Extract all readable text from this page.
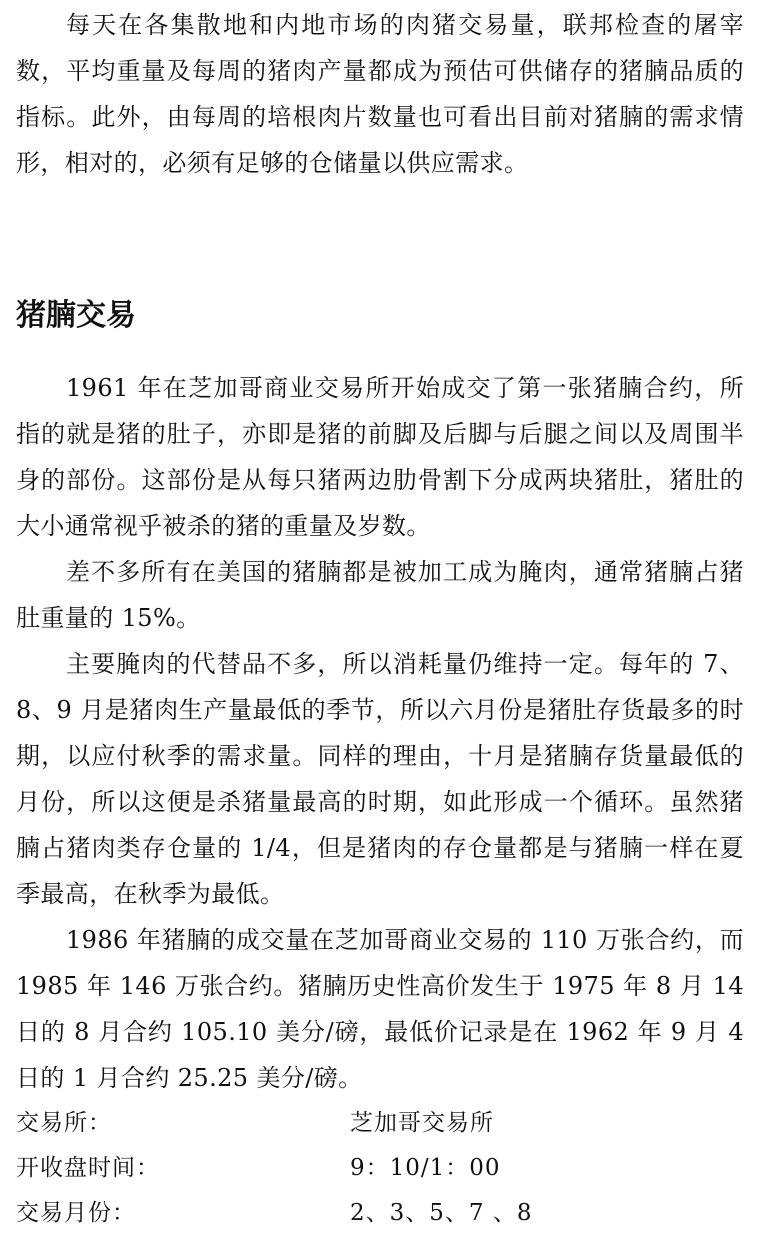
每天在各集散地和内地市场的肉猪交易量，联邦检查的屠宰数，平均重量及每周的猪肉产量都成为预估可供储存的猪腩品质的指标。此外，由每周的培根肉片数量也可看出目前对猪腩的需求情形，相对的，必须有足够的仓储量以供应需求。

猪腩交易

1961 年在芝加哥商业交易所开始成交了第一张猪腩合约，所指的就是猪的肚子，亦即是猪的前脚及后脚与后腿之间以及周围半身的部份。这部份是从每只猪两边肋骨割下分成两块猪肚，猪肚的大小通常视乎被杀的猪的重量及岁数。

差不多所有在美国的猪腩都是被加工成为腌肉，通常猪腩占猪肚重量的 15%。

主要腌肉的代替品不多，所以消耗量仍维持一定。每年的 7、8、9 月是猪肉生产量最低的季节，所以六月份是猪肚存货最多的时期，以应付秋季的需求量。同样的理由，十月是猪腩存货量最低的月份，所以这便是杀猪量最高的时期，如此形成一个循环。虽然猪腩占猪肉类存仓量的 1/4，但是猪肉的存仓量都是与猪腩一样在夏季最高，在秋季为最低。

1986 年猪腩的成交量在芝加哥商业交易的 110 万张合约，而 1985 年 146 万张合约。猪腩历史性高价发生于 1975 年 8 月 14 日的 8 月合约 105.10 美分/磅，最低价记录是在 1962 年 9 月 4 日的 1 月合约 25.25 美分/磅。

交易所：	芝加哥交易所
开收盘时间：	9：10/1：00
交易月份：	2、3、5、7 、8
